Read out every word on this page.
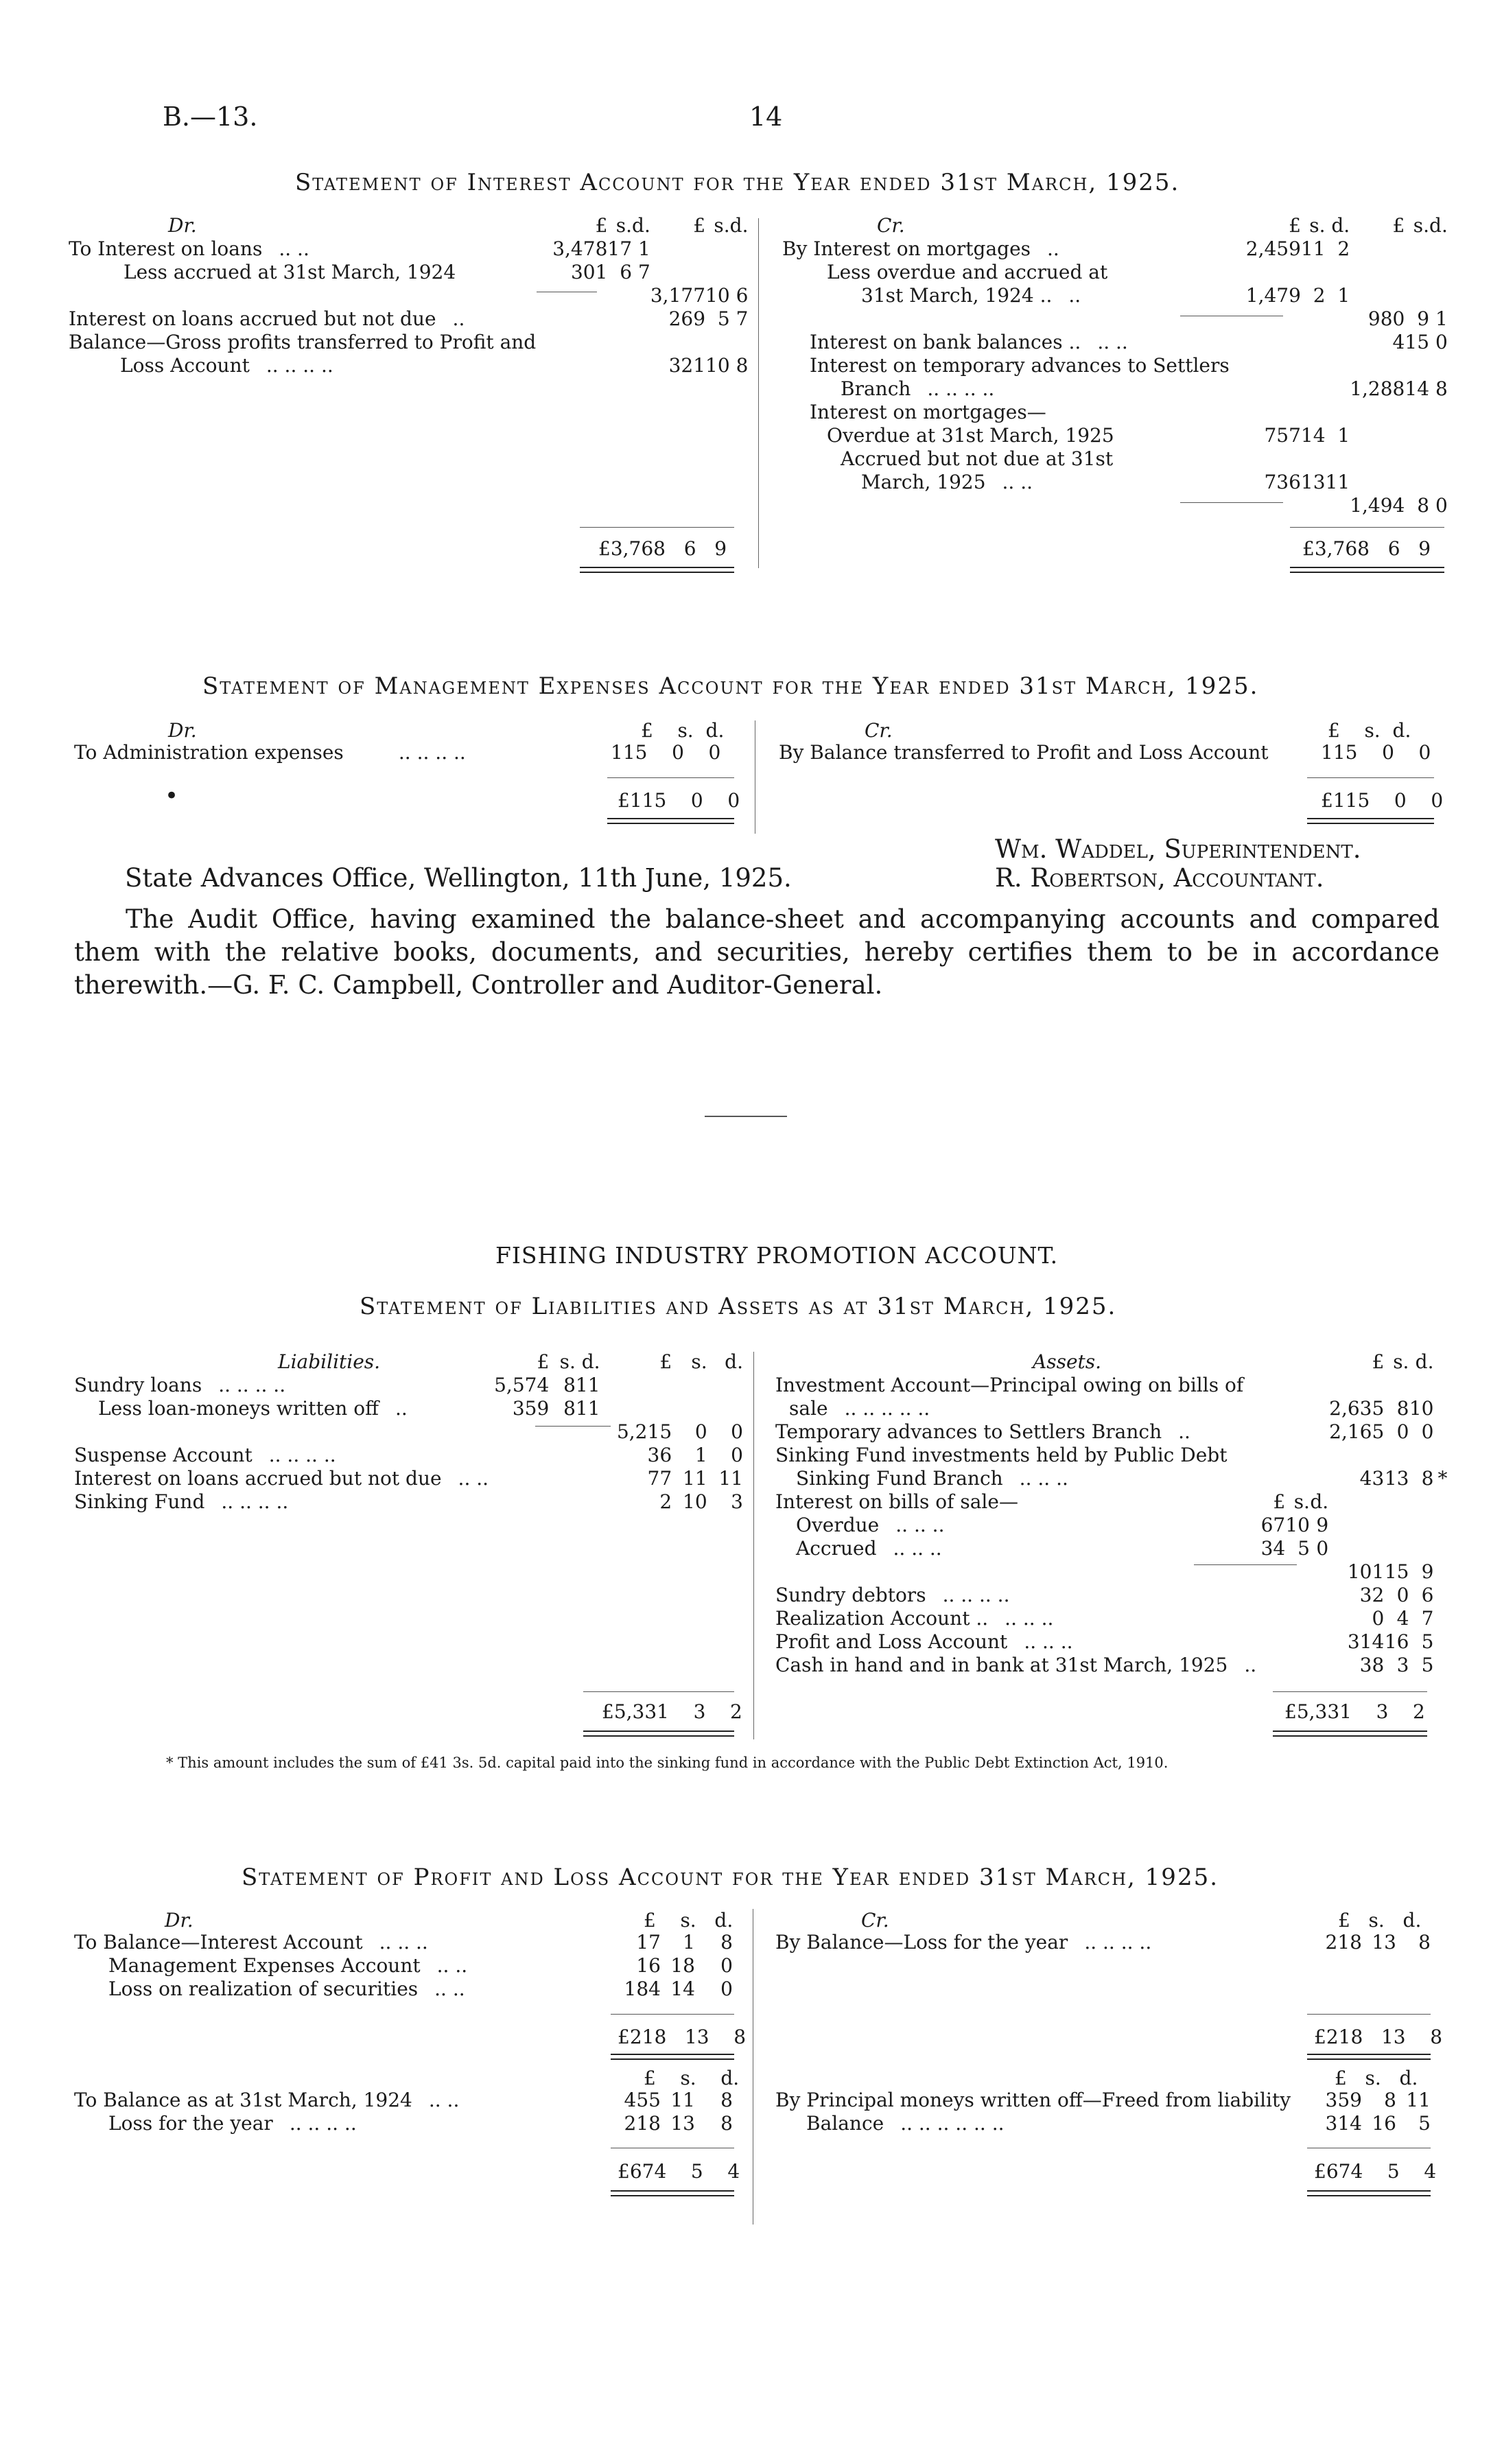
B.—13.	14
Statement of Interest Account for the Year ended 31st March, 1925.
Dr.	Cr.
		£	s.	d.	£	s.	d.
	To Interest on loans .. ..	3,478	17	1			
	Less accrued at 31st March, 1924	301	6	7			
					3,177	10	6
	Interest on loans accrued but not due ..				269	5	7
	Balance—Gross profits transferred to Profit and						
	Loss Account .. .. .. ..				321	10	8
		£	s.	d.	£	s.	d.
	By Interest on mortgages ..	2,459	11	2			
	Less overdue and accrued at						
	31st March, 1924 .. ..	1,479	2	1			
					980	9	1
	Interest on bank balances .. .. ..				4	15	0
	Interest on temporary advances to Settlers						
	Branch .. .. .. ..				1,288	14	8
	Interest on mortgages—						
	Overdue at 31st March, 1925	757	14	1			
	Accrued but not due at 31st						
	March, 1925 .. ..	736	13	11			
					1,494	8	0
£3,768 6 9	£3,768 6 9
Statement of Management Expenses Account for the Year ended 31st March, 1925.
Dr.	Cr.
£ s. d.	£ s. d.
To Administration expenses	.. .. .. ..	115 0 0	By Balance transferred to Profit and Loss Account	115 0 0
•	£115 0 0	£115 0 0
Wm. Waddel, Superintendent.
State Advances Office, Wellington, 11th June, 1925.	R. Robertson, Accountant.
The Audit Office, having examined the balance-sheet and accompanying accounts and compared them with the relative books, documents, and securities, hereby certifies them to be in accordance therewith.—G. F. C. Campbell, Controller and Auditor-General.
FISHING INDUSTRY PROMOTION ACCOUNT.
Statement of Liabilities and Assets as at 31st March, 1925.
Liabilities.	Assets.
		£	s.	d.	£	s.	d.
	Sundry loans .. .. .. ..	5,574	8	11			
	Less loan-moneys written off ..	359	8	11			
					5,215	0	0
	Suspense Account .. .. .. ..				36	1	0
	Interest on loans accrued but not due .. ..				77	11	11
	Sinking Fund .. .. .. ..				2	10	3
					£	s.	d.	
	Investment Account—Principal owing on bills of							
	sale .. .. .. .. ..				2,635	8	10	
	Temporary advances to Settlers Branch ..				2,165	0	0	
	Sinking Fund investments held by Public Debt							
	Sinking Fund Branch .. .. ..				43	13	8	*
	Interest on bills of sale—	£	s.	d.				
	Overdue .. .. ..	67	10	9				
	Accrued .. .. ..	34	5	0				
					101	15	9	
	Sundry debtors .. .. .. ..				32	0	6	
	Realization Account .. .. .. ..				0	4	7	
	Profit and Loss Account .. .. ..				314	16	5	
	Cash in hand and in bank at 31st March, 1925 ..				38	3	5	
£5,331 3 2	£5,331 3 2
* This amount includes the sum of £41 3s. 5d. capital paid into the sinking fund in accordance with the Public Debt Extinction Act, 1910.
Statement of Profit and Loss Account for the Year ended 31st March, 1925.
Dr.	Cr.
£ s. d.	£ s. d.
	To Balance—Interest Account .. .. ..	17	1	8
	Management Expenses Account .. ..	16	18	0
	Loss on realization of securities .. ..	184	14	0
	By Balance—Loss for the year .. .. .. ..	218	13	8
£218 13 8	£218 13 8
£ s. d.	£ s. d.
	To Balance as at 31st March, 1924 .. ..	455	11	8
	Loss for the year .. .. .. ..	218	13	8
	By Principal moneys written off—Freed from liability	359	8	11
	Balance .. .. .. .. .. ..	314	16	5
£674 5 4	£674 5 4
